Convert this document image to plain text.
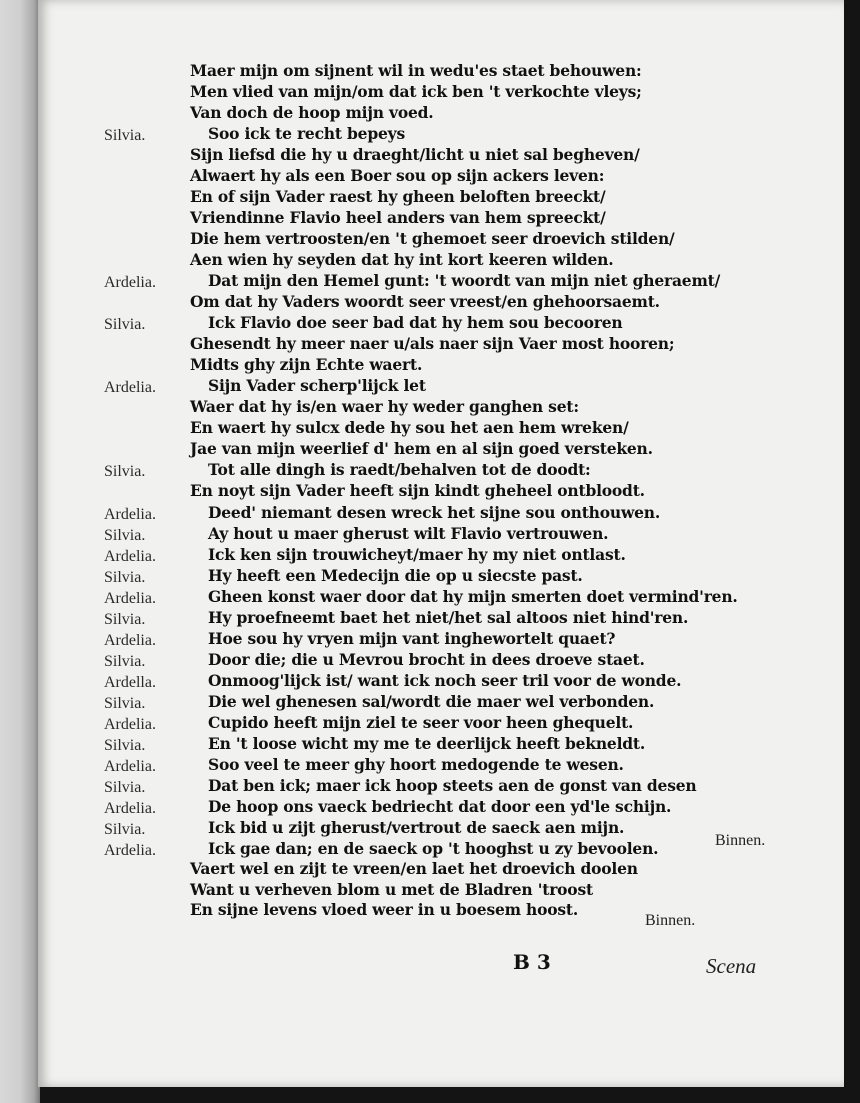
Maer mijn om sijnent wil in wedu'es staet behouwen:
Men vlied van mijn/om dat ick ben 't verkochte vleys;
Van doch de hoop mijn voed.
Silvia.	Soo ick te recht bepeys
Sijn liefsd die hy u draeght/licht u niet sal begheven/
Alwaert hy als een Boer sou op sijn ackers leven:
En of sijn Vader raest hy gheen beloften breeckt/
Vriendinne Flavio heel anders van hem spreeckt/
Die hem vertroosten/en 't ghemoet seer droevich stilden/
Aen wien hy seyden dat hy int kort keeren wilden.
Ardelia.	Dat mijn den Hemel gunt: 't woordt van mijn niet gheraemt/
Om dat hy Vaders woordt seer vreest/en ghehoorsaemt.
Silvia.	Ick Flavio doe seer bad dat hy hem sou becooren
Ghesendt hy meer naer u/als naer sijn Vaer most hooren;
Midts ghy zijn Echte waert.
Ardelia.	Sijn Vader scherp'lijck let
Waer dat hy is/en waer hy weder ganghen set:
En waert hy sulcx dede hy sou het aen hem wreken/
Jae van mijn weerlief d' hem en al sijn goed versteken.
Silvia.	Tot alle dingh is raedt/behalven tot de doodt:
En noyt sijn Vader heeft sijn kindt gheheel ontbloodt.
Ardelia.	Deed' niemant desen wreck het sijne sou onthouwen.
Silvia.	Ay hout u maer gherust wilt Flavio vertrouwen.
Ardelia.	Ick ken sijn trouwicheyt/maer hy my niet ontlast.
Silvia.	Hy heeft een Medecijn die op u siecste past.
Ardelia.	Gheen konst waer door dat hy mijn smerten doet vermind'ren.
Silvia.	Hy proefneemt baet het niet/het sal altoos niet hind'ren.
Ardelia.	Hoe sou hy vryen mijn vant inghewortelt quaet?
Silvia.	Door die; die u Mevrou brocht in dees droeve staet.
Ardella.	Onmoog'lijck ist/ want ick noch seer tril voor de wonde.
Silvia.	Die wel ghenesen sal/wordt die maer wel verbonden.
Ardelia.	Cupido heeft mijn ziel te seer voor heen ghequelt.
Silvia.	En 't loose wicht my me te deerlijck heeft bekneldt.
Ardelia.	Soo veel te meer ghy hoort medogende te wesen.
Silvia.	Dat ben ick; maer ick hoop steets aen de gonst van desen
Ardelia.	De hoop ons vaeck bedriecht dat door een yd'le schijn.
Silvia.	Ick bid u zijt gherust/vertrout de saeck aen mijn.
Ardelia.	Ick gae dan; en de saeck op 't hooghst u zy bevoolen.
Vaert wel en zijt te vreen/en laet het droevich doolen
Want u verheven blom u met de Bladren 'troost
En sijne levens vloed weer in u boesem hoost.
Binnen.
Binnen.
B 3	Scena
